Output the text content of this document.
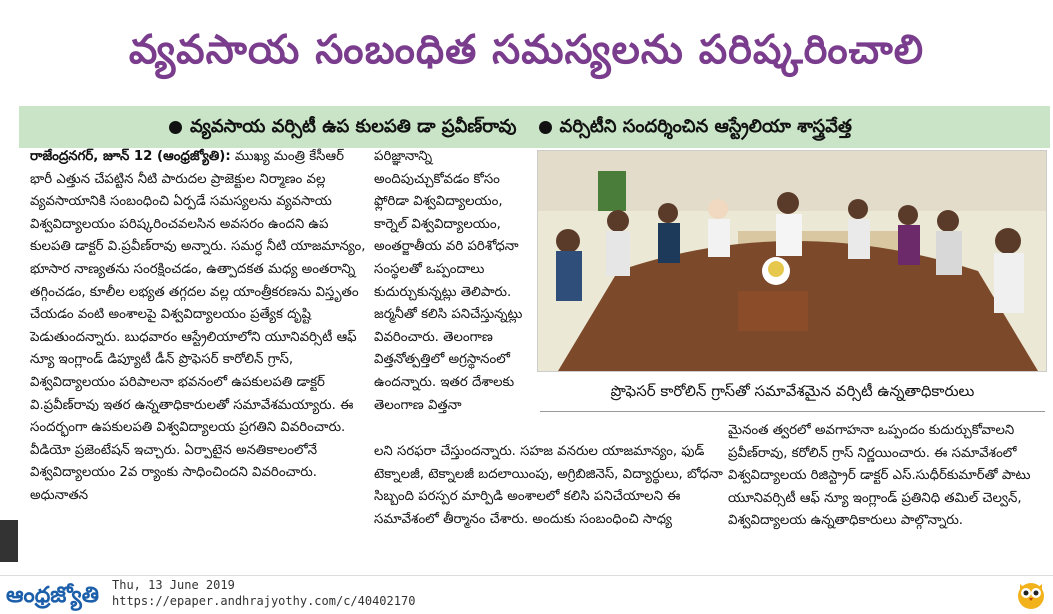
వ్యవసాయ సంబంధిత సమస్యలను పరిష్కరించాలి
వ్యవసాయ వర్సిటీ ఉప కులపతి డా ప్రవీణ్‌రావు వర్సిటీని సందర్శించిన ఆస్ట్రేలియా శాస్త్రవేత్త

రాజేంద్రనగర్, జూన్ 12 (ఆంధ్రజ్యోతి): ముఖ్య మంత్రి కేసీఆర్ భారీ ఎత్తున చేపట్టిన నీటి పారుదల ప్రాజెక్టుల నిర్మాణం వల్ల వ్యవసాయానికి సంబంధించి ఏర్పడే సమస్యలను వ్యవసాయ విశ్వవిద్యాలయం పరిష్కరించవలసిన అవసరం ఉందని ఉప కులపతి డాక్టర్ వి.ప్రవీణ్‌రావు అన్నారు. సమర్ధ నీటి యాజమాన్యం, భూసార నాణ్యతను సంరక్షించడం, ఉత్పాదకత మధ్య అంతరాన్ని తగ్గించడం, కూలీల లభ్యత తగ్గదల వల్ల యాంత్రీకరణను విస్తృతం చేయడం వంటి అంశాలపై విశ్వవిద్యాలయం ప్రత్యేక దృష్టి పెడుతుందన్నారు. బుధవారం ఆస్ట్రేలియాలోని యూనివర్సిటీ ఆఫ్ న్యూ ఇంగ్లాండ్ డిప్యూటీ డీన్ ప్రొఫెసర్ కారోలిన్ గ్రాస్, విశ్వవిద్యాలయం పరిపాలనా భవనంలో ఉపకులపతి డాక్టర్ వి.ప్రవీణ్‌రావు ఇతర ఉన్నతాధికారులతో సమావేశమయ్యారు. ఈ సందర్భంగా ఉపకులపతి విశ్వవిద్యాలయ ప్రగతిని వివరించారు. వీడియో ప్రజెంటేషన్ ఇచ్చారు. ఏర్పాటైన అనతికాలంలోనే విశ్వవిద్యాలయం 2వ ర్యాంకు సాధించిందని వివరించారు. అధునాతన

పరిజ్ఞానాన్ని అందిపుచ్చుకోవడం కోసం ఫ్లోరిడా విశ్వవిద్యాలయం, కార్నెల్ విశ్వవిద్యాలయం, అంతర్జాతీయ వరి పరిశోధనా సంస్థలతో ఒప్పందాలు కుదుర్చుకున్నట్లు తెలిపారు. జర్మనీతో కలిసి పనిచేస్తున్నట్లు వివరించారు. తెలంగాణ విత్తనోత్పత్తిలో అగ్రస్థానంలో ఉందన్నారు. ఇతర దేశాలకు తెలంగాణ విత్తనా

ప్రొఫెసర్ కారోలిన్ గ్రాస్‌తో సమావేశమైన వర్సిటీ ఉన్నతాధికారులు

లని సరఫరా చేస్తుందన్నారు. సహజ వనరుల యాజమాన్యం, ఫుడ్ టెక్నాలజీ, టెక్నాలజీ బదలాయింపు, అగ్రిబిజినెస్, విద్యార్థులు, బోధనా సిబ్బంది పరస్పర మార్పిడి అంశాలలో కలిసి పనిచేయాలని ఈ సమావేశంలో తీర్మానం చేశారు. అందుకు సంబంధించి సాధ్య

మైనంత త్వరలో అవగాహనా ఒప్పందం కుదుర్చుకోవాలని ప్రవీణ్‌రావు, కరోలిన్ గ్రాస్ నిర్ణయించారు. ఈ సమావేశంలో విశ్వవిద్యాలయ రిజిస్ట్రార్ డాక్టర్ ఎస్.సుధీర్‌కుమార్‌తో పాటు యూనివర్సిటీ ఆఫ్ న్యూ ఇంగ్లాండ్ ప్రతినిధి తమిల్ చెల్వన్, విశ్వవిద్యాలయ ఉన్నతాధికారులు పాల్గొన్నారు.

ఆంధ్రజ్యోతి Thu, 13 June 2019
https://epaper.andhrajyothy.com/c/40402170
